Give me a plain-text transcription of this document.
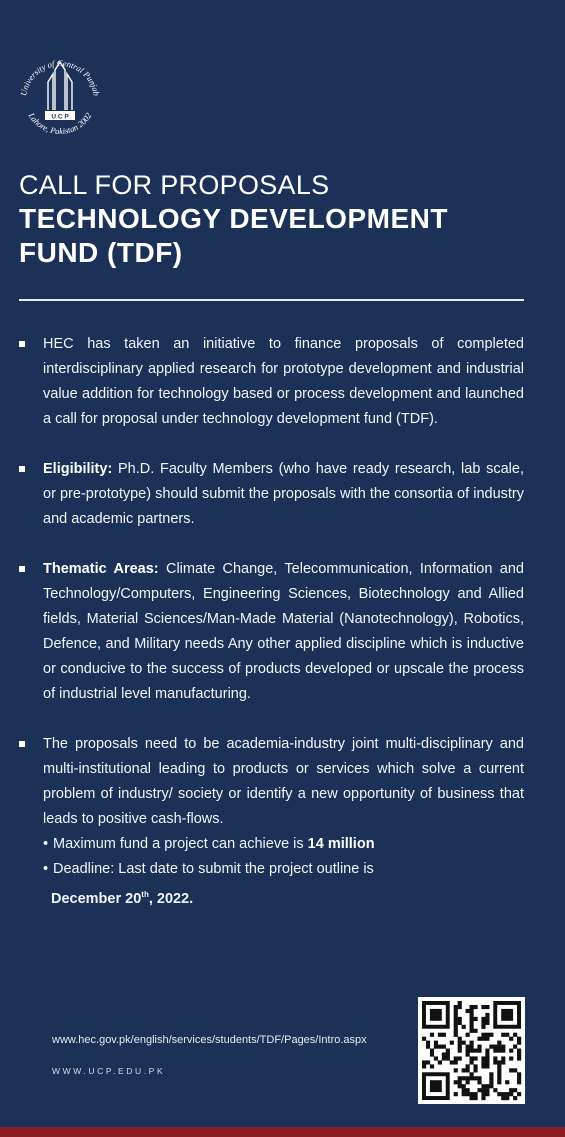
University of Central Punjab
Lahore, Pakistan 2002
U C P
CALL FOR PROPOSALS
TECHNOLOGY DEVELOPMENT
FUND (TDF)
HEC has taken an initiative to finance proposals of completed interdisciplinary applied research for prototype development and industrial value addition for technology based or process development and launched a call for proposal under technology development fund (TDF).
Eligibility: Ph.D. Faculty Members (who have ready research, lab scale, or pre-prototype) should submit the proposals with the consortia of industry and academic partners.
Thematic Areas: Climate Change, Telecommunication, Information and Technology/Computers, Engineering Sciences, Biotechnology and Allied fields, Material Sciences/Man-Made Material (Nanotechnology), Robotics, Defence, and Military needs Any other applied discipline which is inductive or conducive to the success of products developed or upscale the process of industrial level manufacturing.
The proposals need to be academia-industry joint multi-disciplinary and multi-institutional leading to products or services which solve a current problem of industry/ society or identify a new opportunity of business that leads to positive cash-flows.
• Maximum fund a project can achieve is 14 million
• Deadline: Last date to submit the project outline is
December 20th, 2022.
www.hec.gov.pk/english/services/students/TDF/Pages/Intro.aspx
WWW.UCP.EDU.PK
